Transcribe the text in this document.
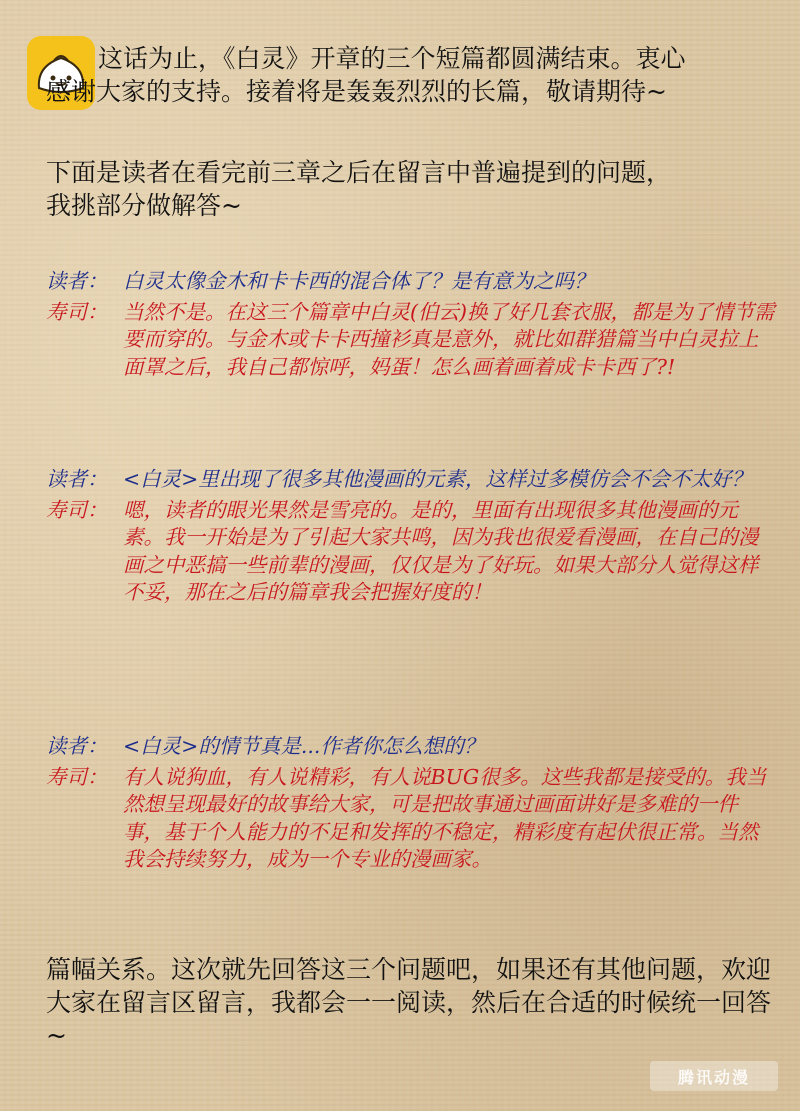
这话为止，《白灵》开章的三个短篇都圆满结束。衷心
感谢大家的支持。接着将是轰轰烈烈的长篇，敬请期待~
下面是读者在看完前三章之后在留言中普遍提到的问题，
我挑部分做解答~
读者： 白灵太像金木和卡卡西的混合体了？是有意为之吗？
寿司： 当然不是。在这三个篇章中白灵(伯云)换了好几套衣服，都是为了情节需要而穿的。与金木或卡卡西撞衫真是意外，就比如群猎篇当中白灵拉上面罩之后，我自己都惊呼，妈蛋！怎么画着画着成卡卡西了?!
读者： <白灵>里出现了很多其他漫画的元素，这样过多模仿会不会不太好？
寿司： 嗯，读者的眼光果然是雪亮的。是的，里面有出现很多其他漫画的元素。我一开始是为了引起大家共鸣，因为我也很爱看漫画，在自己的漫画之中恶搞一些前辈的漫画，仅仅是为了好玩。如果大部分人觉得这样不妥，那在之后的篇章我会把握好度的！
读者： <白灵>的情节真是...作者你怎么想的？
寿司： 有人说狗血，有人说精彩，有人说BUG很多。这些我都是接受的。我当然想呈现最好的故事给大家，可是把故事通过画面讲好是多难的一件事，基于个人能力的不足和发挥的不稳定，精彩度有起伏很正常。当然我会持续努力，成为一个专业的漫画家。
篇幅关系。这次就先回答这三个问题吧，如果还有其他问题，欢迎大家在留言区留言，我都会一一阅读，然后在合适的时候统一回答~
腾讯动漫
